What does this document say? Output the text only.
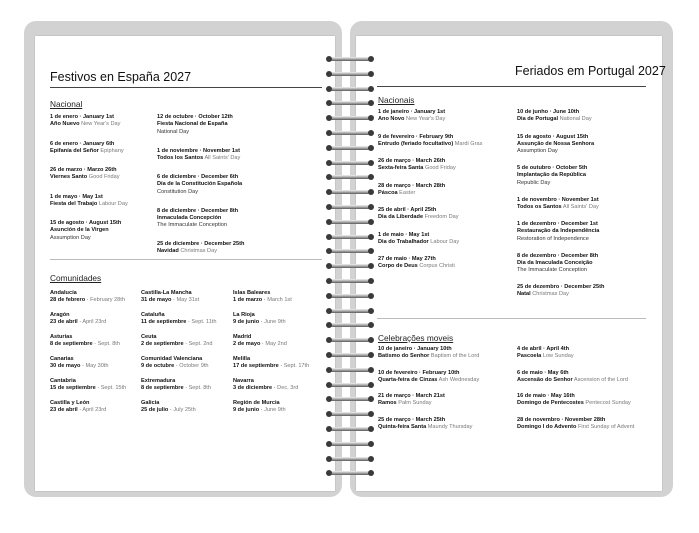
Festivos en España 2027
Nacional
1 de enero · January 1st
Año Nuevo New Year's Day
6 de enero · January 6th
Epifanía del Señor Epiphany
26 de marzo · Marzo 26th
Viernes Santo Good Friday
1 de mayo · May 1st
Fiesta del Trabajo Labour Day
15 de agosto · August 15th
Asunción de la Virgen
Assumption Day
12 de octubre · October 12th
Fiesta Nacional de España
National Day
1 de noviembre · November 1st
Todos los Santos All Saints' Day
6 de diciembre · December 6th
Día de la Constitución Española
Constitution Day
8 de diciembre · December 8th
Inmaculada Concepción
The Immaculate Conception
25 de diciembre · December 25th
Navidad Christmas Day
Comunidades
Andalucía
28 de febrero · February 28th
Aragón
23 de abril · April 23rd
Asturias
8 de septiembre · Sept. 8th
Canarias
30 de mayo · May 30th
Cantabria
15 de septiembre · Sept. 15th
Castilla y León
23 de abril · April 23rd
Castilla-La Mancha
31 de mayo · May 31st
Cataluña
11 de septiembre · Sept. 11th
Ceuta
2 de septiembre · Sept. 2nd
Comunidad Valenciana
9 de octubre · October 9th
Extremadura
8 de septiembre · Sept. 8th
Galicia
25 de julio · July 25th
Islas Baleares
1 de marzo · March 1st
La Rioja
9 de junio · June 9th
Madrid
2 de mayo · May 2nd
Melilla
17 de septiembre · Sept. 17th
Navarra
3 de diciembre · Dec. 3rd
Región de Murcia
9 de junio · June 9th
Feriados em Portugal 2027
Nacionais
1 de janeiro · January 1st
Ano Novo New Year's Day
9 de fevereiro · February 9th
Entrudo (feriado focultativo) Mardi Gras
26 de março · March 26th
Sexta-feira Santa Good Friday
28 de março · March 28th
Páscoa Easter
25 de abril · April 25th
Dia da Liberdade Freedom Day
1 de maio · May 1st
Dia do Trabalhador Labour Day
27 de maio · May 27th
Corpo de Deus Corpus Christi
10 de junho · June 10th
Dia de Portugal National Day
15 de agosto · August 15th
Assunção de Nossa Senhora
Assumption Day
5 de outubro · October 5th
Implantação da República
Republic Day
1 de novembro · November 1st
Todos os Santos All Saints' Day
1 de dezembro · December 1st
Restauração da Independência
Restoration of Independence
8 de dezembro · December 8th
Dia da Imaculada Conceição
The Immaculate Conception
25 de dezembro · December 25th
Natal Christmas Day
Celebrações moveis
10 de janeiro · January 10th
Batismo do Senhor Baptism of the Lord
10 de fevereiro · February 10th
Quarta-feira de Cinzas Ash Wednesday
21 de março · March 21st
Ramos Palm Sunday
25 de março · March 25th
Quinta-feira Santa Maundy Thursday
4 de abril · April 4th
Pascoela Low Sunday
6 de maio · May 6th
Ascensão do Senhor Ascension of the Lord
16 de maio · May 16th
Domingo de Pentecostes Pentecost Sunday
28 de novembro · November 28th
Domingo I do Advento First Sunday of Advent
